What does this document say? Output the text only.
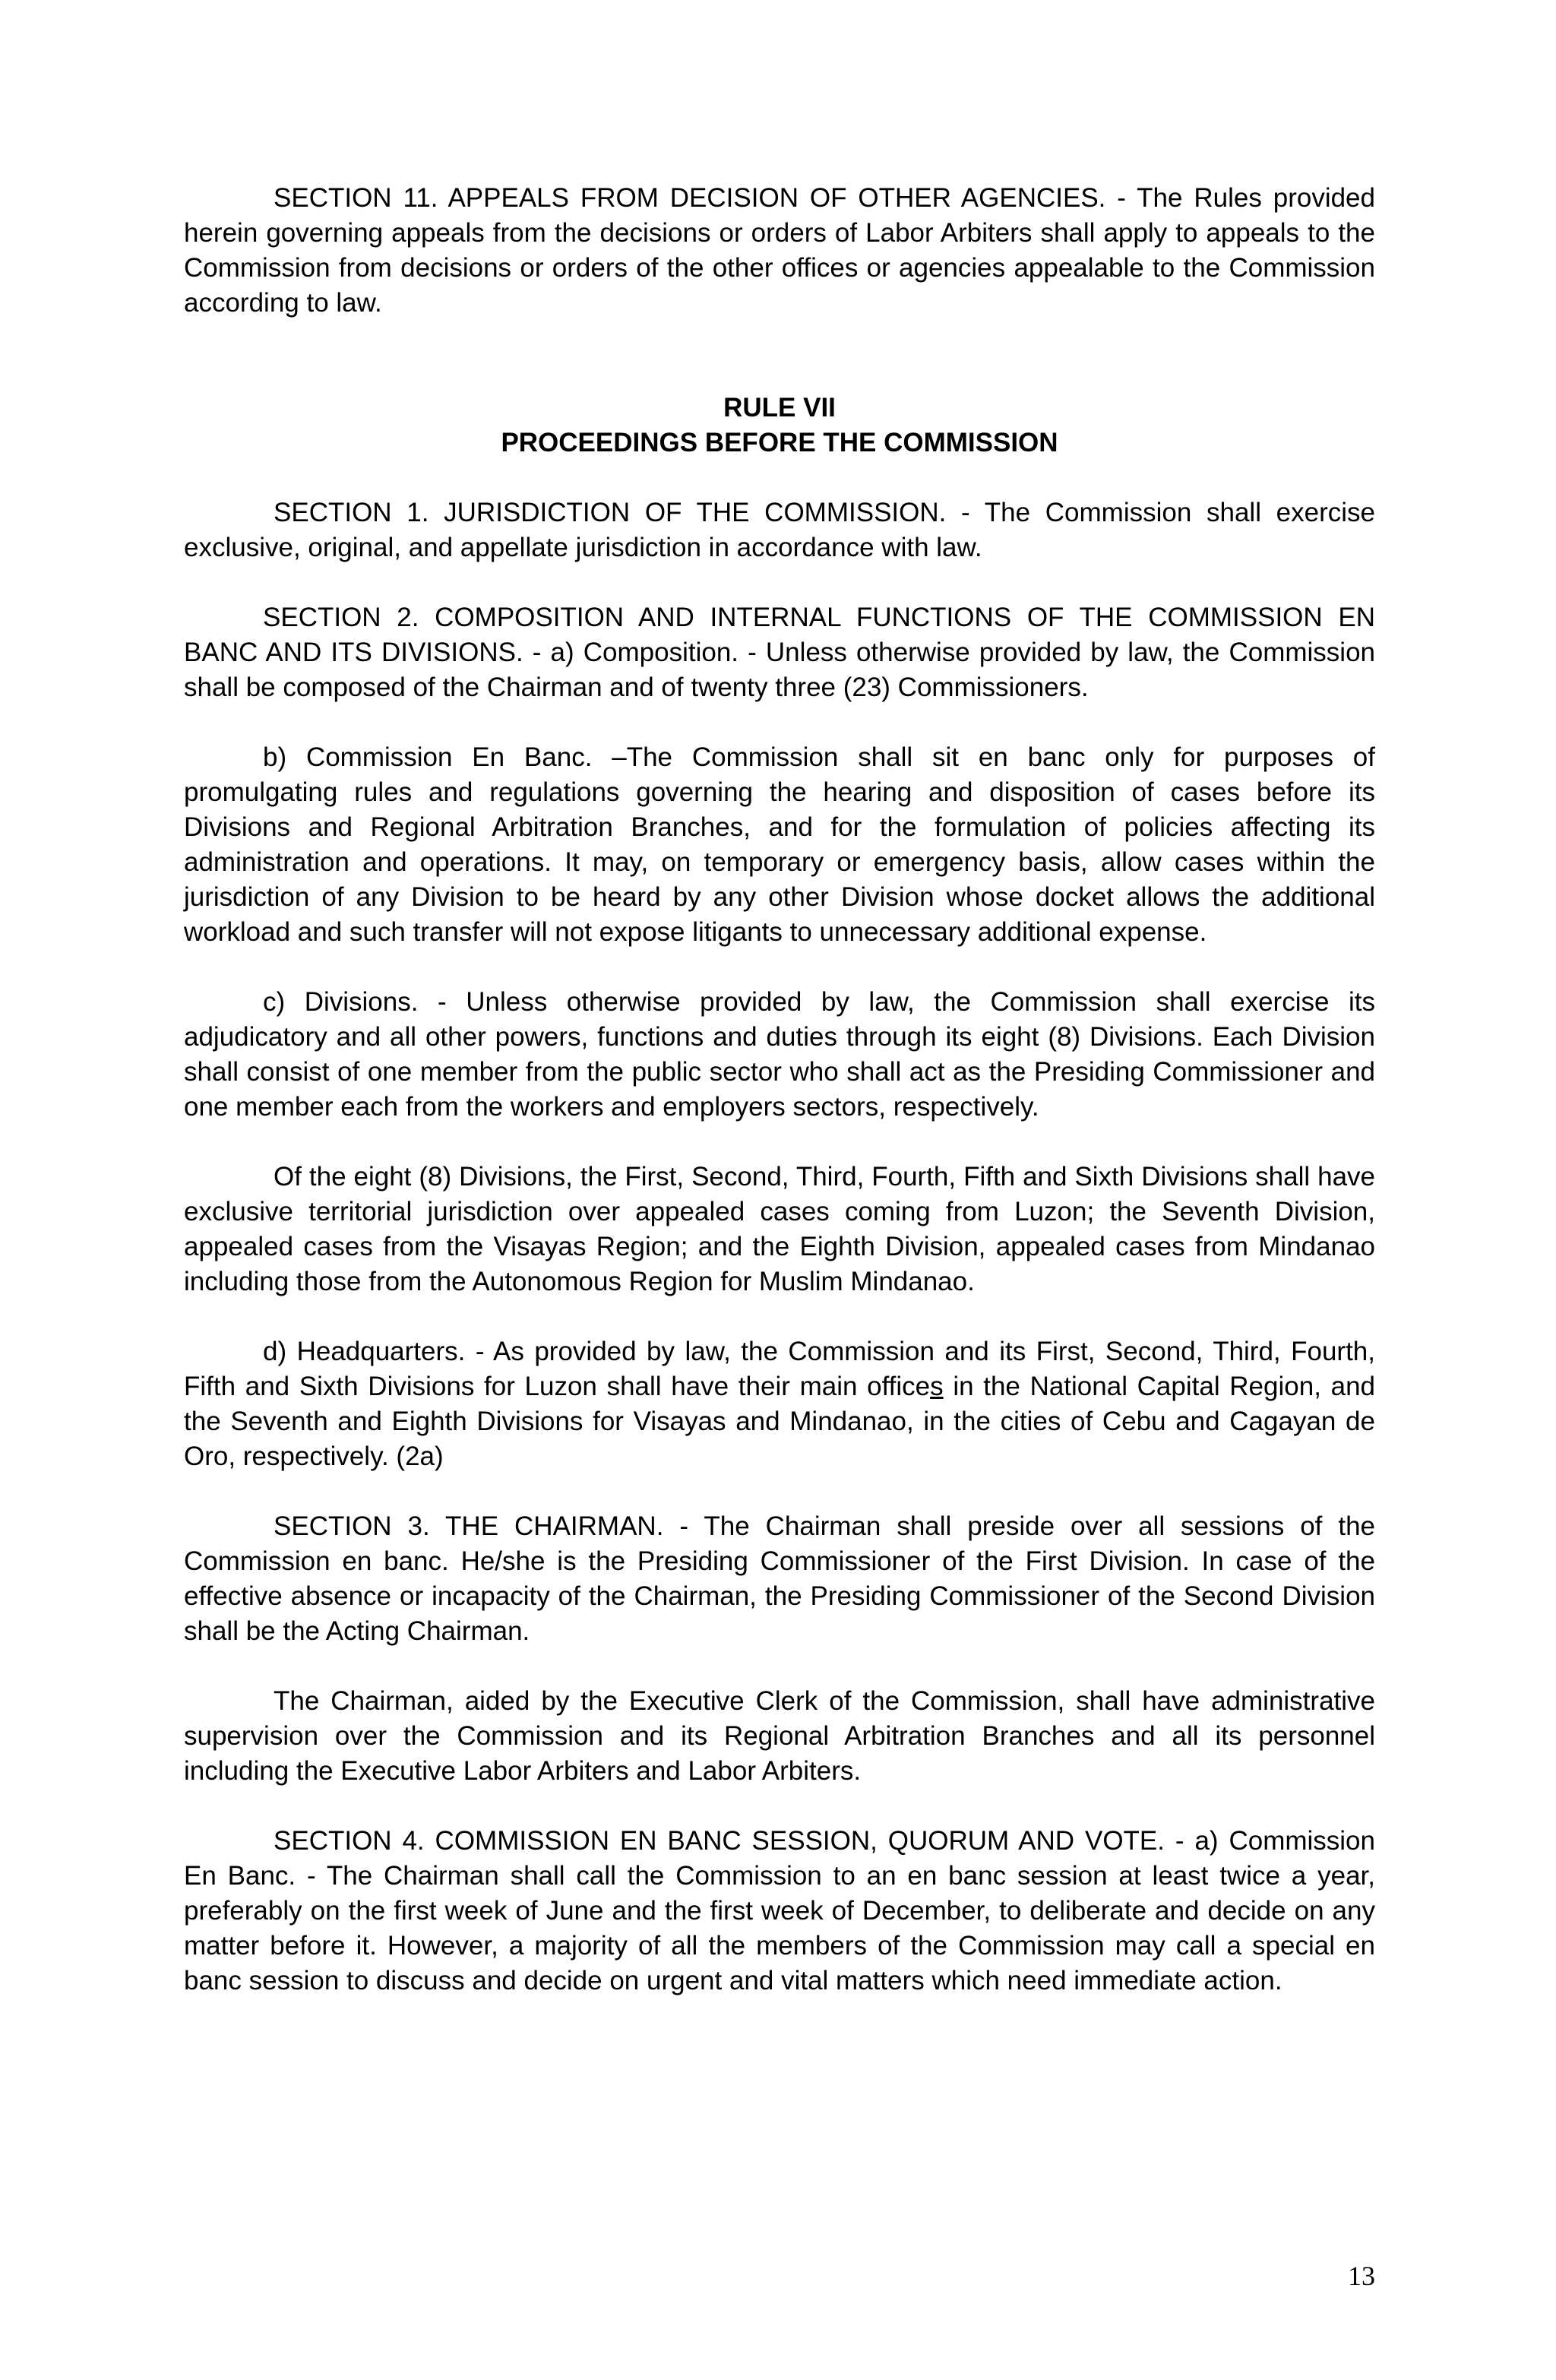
SECTION 11. APPEALS FROM DECISION OF OTHER AGENCIES. - The Rules provided herein governing appeals from the decisions or orders of Labor Arbiters shall apply to appeals to the Commission from decisions or orders of the other offices or agencies appealable to the Commission according to law.

RULE VII
PROCEEDINGS BEFORE THE COMMISSION

SECTION 1. JURISDICTION OF THE COMMISSION. - The Commission shall exercise exclusive, original, and appellate jurisdiction in accordance with law.

SECTION 2. COMPOSITION AND INTERNAL FUNCTIONS OF THE COMMISSION EN BANC AND ITS DIVISIONS. - a) Composition. - Unless otherwise provided by law, the Commission shall be composed of the Chairman and of twenty three (23) Commissioners.

b) Commission En Banc. –The Commission shall sit en banc only for purposes of promulgating rules and regulations governing the hearing and disposition of cases before its Divisions and Regional Arbitration Branches, and for the formulation of policies affecting its administration and operations. It may, on temporary or emergency basis, allow cases within the jurisdiction of any Division to be heard by any other Division whose docket allows the additional workload and such transfer will not expose litigants to unnecessary additional expense.

c) Divisions. - Unless otherwise provided by law, the Commission shall exercise its adjudicatory and all other powers, functions and duties through its eight (8) Divisions. Each Division shall consist of one member from the public sector who shall act as the Presiding Commissioner and one member each from the workers and employers sectors, respectively.

Of the eight (8) Divisions, the First, Second, Third, Fourth, Fifth and Sixth Divisions shall have exclusive territorial jurisdiction over appealed cases coming from Luzon; the Seventh Division, appealed cases from the Visayas Region; and the Eighth Division, appealed cases from Mindanao including those from the Autonomous Region for Muslim Mindanao.

d) Headquarters. - As provided by law, the Commission and its First, Second, Third, Fourth, Fifth and Sixth Divisions for Luzon shall have their main offices in the National Capital Region, and the Seventh and Eighth Divisions for Visayas and Mindanao, in the cities of Cebu and Cagayan de Oro, respectively. (2a)

SECTION 3. THE CHAIRMAN. - The Chairman shall preside over all sessions of the Commission en banc. He/she is the Presiding Commissioner of the First Division. In case of the effective absence or incapacity of the Chairman, the Presiding Commissioner of the Second Division shall be the Acting Chairman.

The Chairman, aided by the Executive Clerk of the Commission, shall have administrative supervision over the Commission and its Regional Arbitration Branches and all its personnel including the Executive Labor Arbiters and Labor Arbiters.

SECTION 4. COMMISSION EN BANC SESSION, QUORUM AND VOTE. - a) Commission En Banc. - The Chairman shall call the Commission to an en banc session at least twice a year, preferably on the first week of June and the first week of December, to deliberate and decide on any matter before it. However, a majority of all the members of the Commission may call a special en banc session to discuss and decide on urgent and vital matters which need immediate action.

13
